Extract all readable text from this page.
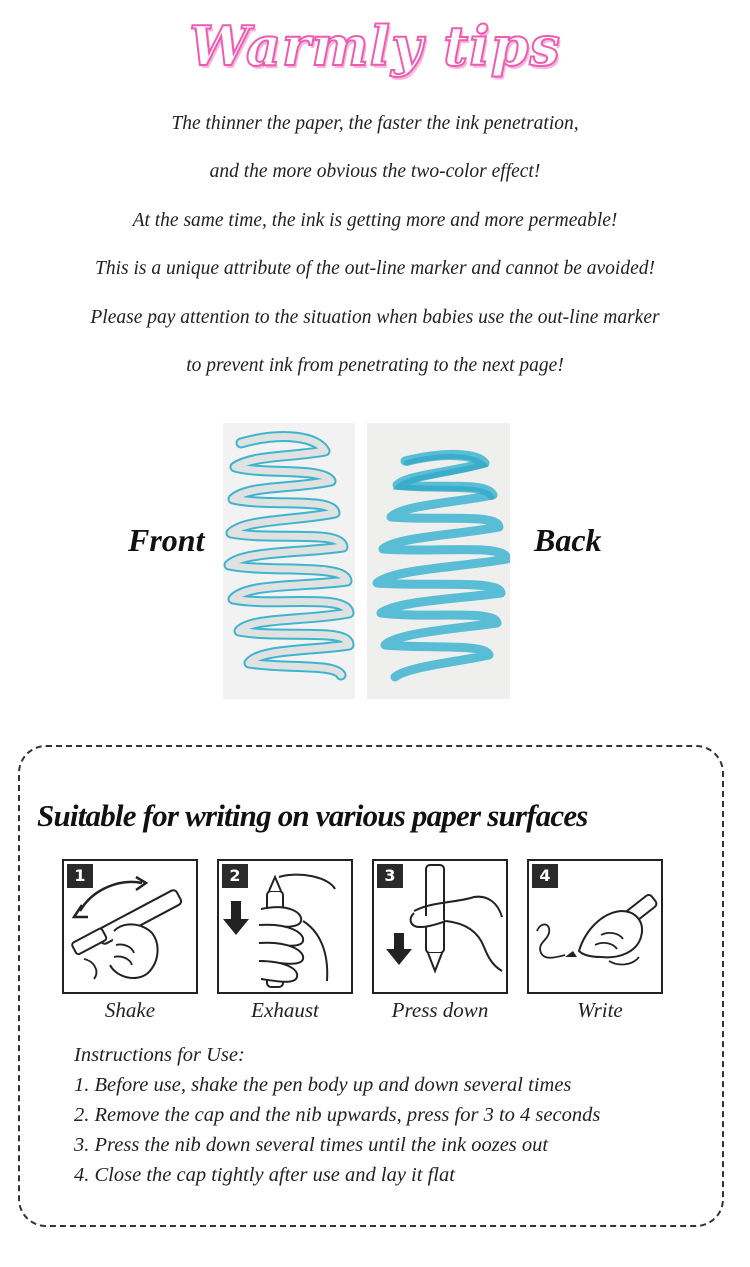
Warmly tips
The thinner the paper, the faster the ink penetration,
and the more obvious the two-color effect!
At the same time, the ink is getting more and more permeable!
This is a unique attribute of the out-line marker and cannot be avoided!
Please pay attention to the situation when babies use the out-line marker
to prevent ink from penetrating to the next page!
Front	Back
Suitable for writing on various paper surfaces
1
Shake
2
Exhaust
3
Press down
4
Write
Instructions for Use:
1. Before use, shake the pen body up and down several times
2. Remove the cap and the nib upwards, press for 3 to 4 seconds
3. Press the nib down several times until the ink oozes out
4. Close the cap tightly after use and lay it flat
